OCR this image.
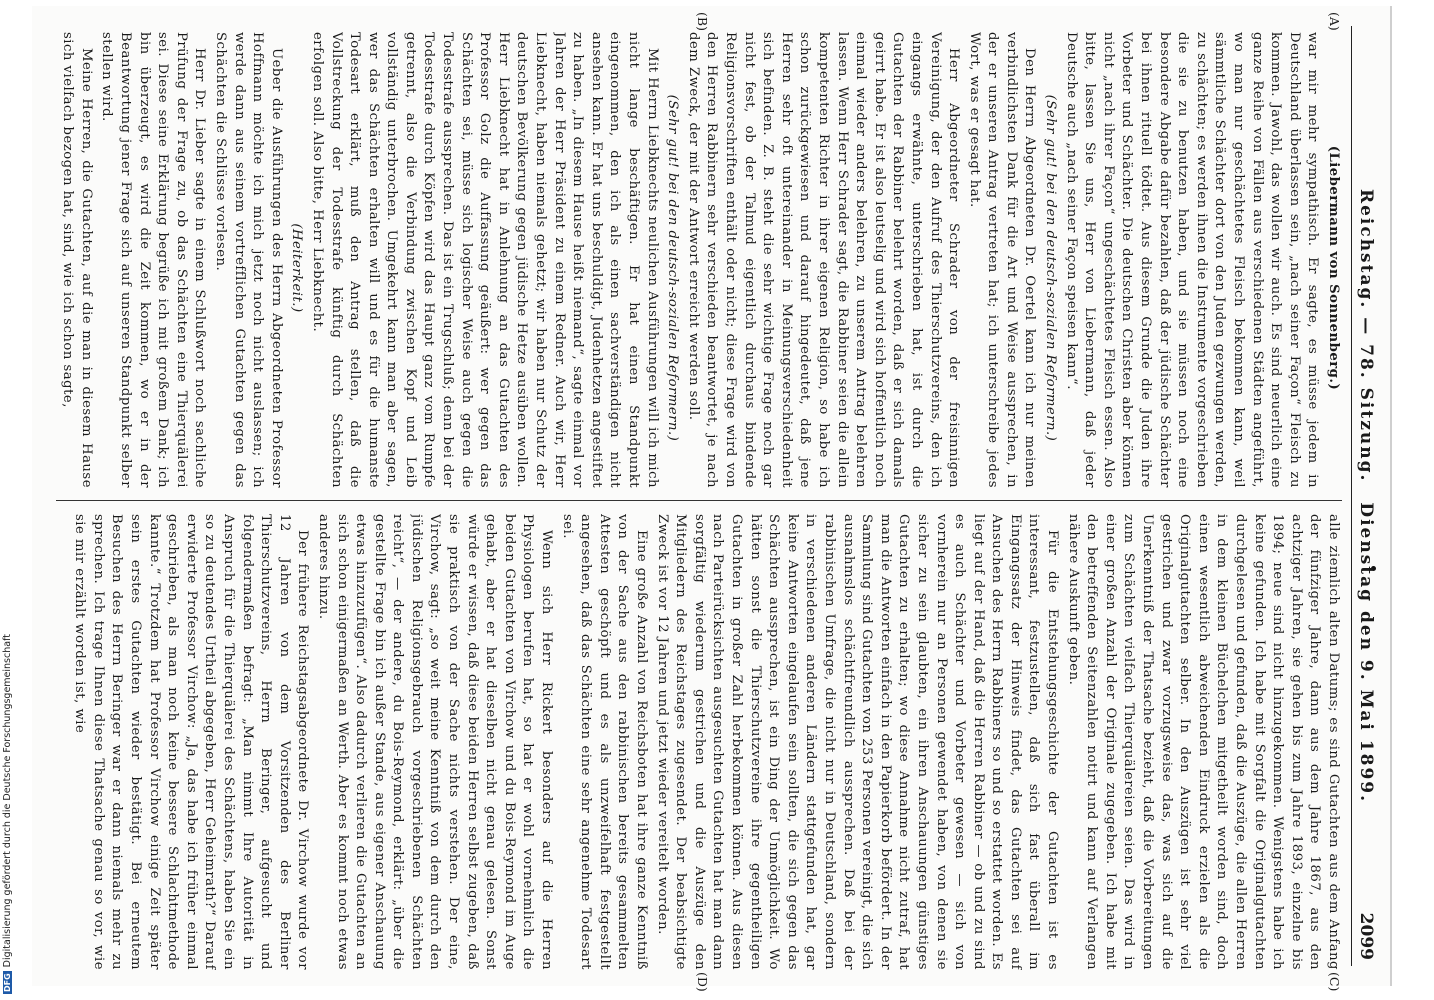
DFGDigitalisierung gefördert durch die Deutsche Forschungsgemeinschaft
Reichstag. — 78. Sitzung. Dienstag den 9. Mai 1899.
2099
(A)
(B)
(C)
(D)

(Liebermann von Sonnenberg.)

war mir mehr sympathisch. Er sagte, es müsse jedem in Deutschland überlassen sein, „nach seiner Façon“ Fleisch zu kommen. Jawohl, das wollen wir auch. Es sind neuerlich eine ganze Reihe von Fällen aus verschiedenen Städten angeführt, wo man nur geschächtetes Fleisch bekommen kann, weil sämmtliche Schächter dort von den Juden gezwungen werden, zu schächten; es werden ihnen die Instrumente vorgeschrieben die sie zu benutzen haben, und sie müssen noch eine besondere Abgabe dafür bezahlen, daß der jüdische Schächter bei ihnen rituell tödtet. Aus diesem Grunde die Juden ihre Vorbeter und Schächter. Die deutschen Christen aber können nicht „nach ihrer Façon“ ungeschächtetes Fleisch essen. Also bitte, lassen Sie uns, Herr von Liebermann, daß jeder Deutsche auch „nach seiner Façon speisen kann“.

(Sehr gut! bei den deutsch-sozialen Reformern.)

Den Herrn Abgeordneten Dr. Oertel kann ich nur meinen verbindlichsten Dank für die Art und Weise aussprechen, in der er unseren Antrag vertreten hat; ich unterschreibe jedes Wort, was er gesagt hat.

Herr Abgeordneter Schrader von der freisinnigen Vereinigung, der den Aufruf des Thierschutzvereins, den ich eingangs erwähnte, unterschrieben hat, ist durch die Gutachten der Rabbiner belehrt worden, daß er sich damals geirrt habe. Er ist also leutselig und wird sich hoffentlich noch einmal wieder anders belehren, zu unserem Antrag belehren lassen. Wenn Herr Schrader sagt, die Rabbiner seien die allein kompetenten Richter in ihrer eigenen Religion, so habe ich schon zurückgewiesen und darauf hingedeutet, daß jene Herren sehr oft untereinander in Meinungsverschiedenheit sich befinden. Z. B. steht die sehr wichtige Frage noch gar nicht fest, ob der Talmud eigentlich durchaus bindende Religionsvorschriften enthält oder nicht; diese Frage wird von den Herren Rabbinern sehr verschieden beantwortet, je nach dem Zweck, der mit der Antwort erreicht werden soll.

(Sehr gut! bei den deutsch-sozialen Reformern.)

Mit Herrn Liebknechts neulichen Ausführungen will ich mich nicht lange beschäftigen. Er hat einen Standpunkt eingenommen, den ich als einen sachverständigen nicht ansehen kann. Er hat uns beschuldigt, Judenhetzen angestiftet zu haben. „In diesem Hause heißt niemand“, sagte einmal vor Jahren der Herr Präsident zu einem Redner. Auch wir, Herr Liebknecht, haben niemals gehetzt; wir haben nur Schutz der deutschen Bevölkerung gegen jüdische Hetze ausüben wollen. Herr Liebknecht hat in Anlehnung an das Gutachten des Professor Golz die Auffassung geäußert: wer gegen das Schächten sei, müsse sich logischer Weise auch gegen die Todesstrafe aussprechen. Das ist ein Trugschluß; denn bei der Todesstrafe durch Köpfen wird das Haupt ganz vom Rumpfe getrennt, also die Verbindung zwischen Kopf und Leib vollständig unterbrochen. Umgekehrt kann man aber sagen, wer das Schächten erhalten will und es für die humanste Todesart erklärt, muß den Antrag stellen, daß die Vollstreckung der Todesstrafe künftig durch Schächten erfolgen soll. Also bitte, Herr Liebknecht.

(Heiterkeit.)

Ueber die Ausführungen des Herrn Abgeordneten Professor Hoffmann möchte ich mich jetzt noch nicht auslassen; ich werde dann aus seinem vortrefflichen Gutachten gegen das Schächten die Schlüsse vorlesen.

Herr Dr. Lieber sagte in einem Schlußwort noch sachliche Prüfung der Frage zu, ob das Schächten eine Thierquälerei sei. Diese seine Erklärung begrüße ich mit großem Dank; ich bin überzeugt, es wird die Zeit kommen, wo er in der Beantwortung jener Frage sich auf unseren Standpunkt selber stellen wird.

Meine Herren, die Gutachten, auf die man in diesem Hause sich vielfach bezogen hat, sind, wie ich schon sagte,

alle ziemlich alten Datums; es sind Gutachten aus dem Anfang der fünfziger Jahre, dann aus dem Jahre 1867, aus den achtziger Jahren, sie gehen bis zum Jahre 1893, einzelne bis 1894; neue sind nicht hinzugekommen. Wenigstens habe ich keine gefunden. Ich habe mit Sorgfalt die Originalgutachten durchgelesen und gefunden, daß die Auszüge, die allen Herren in dem kleinen Büchelchen mitgetheilt worden sind, doch einen wesentlich abweichenden Eindruck erzielen als die Originalgutachten selber. In den Auszügen ist sehr viel gestrichen und zwar vorzugsweise das, was sich auf die Unerkenntniß der Thatsache bezieht, daß die Vorbereitungen zum Schächten vielfach Thierquälereien seien. Das wird in einer großen Anzahl der Originale zugegeben. Ich habe mit den betreffenden Seitenzahlen notirt und kann auf Verlangen nähere Auskunft geben.

Für die Entstehungsgeschichte der Gutachten ist es interessant, festzustellen, daß sich fast überall im Eingangssatz der Hinweis findet, das Gutachten sei auf Ansuchen des Herrn Rabbiners so und so erstattet worden. Es liegt auf der Hand, daß die Herren Rabbiner — ob und zu sind es auch Schächter und Vorbeter gewesen — sich von vornherein nur an Personen gewendet haben, von denen sie sicher zu sein glaubten, ein ihren Anschauungen günstiges Gutachten zu erhalten; wo diese Annahme nicht zutraf, hat man die Antworten einfach in den Papierkorb befördert. In der Sammlung sind Gutachten von 253 Personen vereinigt, die sich ausnahmslos schächtfreundlich aussprechen. Daß bei der rabbinischen Umfrage, die nicht nur in Deutschland, sondern in verschiedenen anderen Ländern stattgefunden hat, gar keine Antworten eingelaufen sein sollten, die sich gegen das Schächten aussprechen, ist ein Ding der Unmöglichkeit. Wo hätten sonst die Thierschutzvereine ihre gegentheiligen Gutachten in großer Zahl herbekommen können. Aus diesen nach Parteirücksichten ausgesuchten Gutachten hat man dann sorgfältig wiederum gestrichen und die Auszüge den Mitgliedern des Reichstages zugesendet. Der beabsichtigte Zweck ist vor 12 Jahren und jetzt wieder vereitelt worden.

Eine große Anzahl von Reichsboten hat ihre ganze Kenntniß von der Sache aus den rabbinischen bereits gesammelten Attesten geschöpft und es als unzweifelhaft festgestellt angesehen, daß das Schächten eine sehr angenehme Todesart sei.

Wenn sich Herr Rickert besonders auf die Herren Physiologen berufen hat, so hat er wohl vornehmlich die beiden Gutachten von Virchow und du Bois-Reymond im Auge gehabt, aber er hat dieselben nicht genau gelesen. Sonst würde er wissen, daß diese beiden Herren selbst zugeben, daß sie praktisch von der Sache nichts verstehen. Der eine, Virchow, sagt: „so weit meine Kenntniß von dem durch den jüdischen Religionsgebrauch vorgeschriebenen Schächten reicht“, — der andere, du Bois-Reymond, erklärt: „über die gestellte Frage bin ich außer Stande, aus eigener Anschauung etwas hinzuzufügen“. Also dadurch verlieren die Gutachten an sich schon einigermaßen an Werth. Aber es kommt noch etwas anderes hinzu.

Der frühere Reichstagsabgeordnete Dr. Virchow wurde vor 12 Jahren von dem Vorsitzenden des Berliner Thierschutzvereins, Herrn Beringer, aufgesucht und folgendermaßen befragt: „Man nimmt Ihre Autorität in Anspruch für die Thierquälerei des Schächtens, haben Sie ein so zu deutendes Urtheil abgegeben, Herr Geheimrath?“ Darauf erwiderte Professor Virchow: „Ja, das habe ich früher einmal geschrieben, als man noch keine bessere Schlachtmethode kannte.“ Trotzdem hat Professor Virchow einige Zeit später sein erstes Gutachten wieder bestätigt. Bei erneutem Besuchen des Herrn Beringer war er dann niemals mehr zu sprechen. Ich trage Ihnen diese Thatsache genau so vor, wie sie mir erzählt worden ist, wie
